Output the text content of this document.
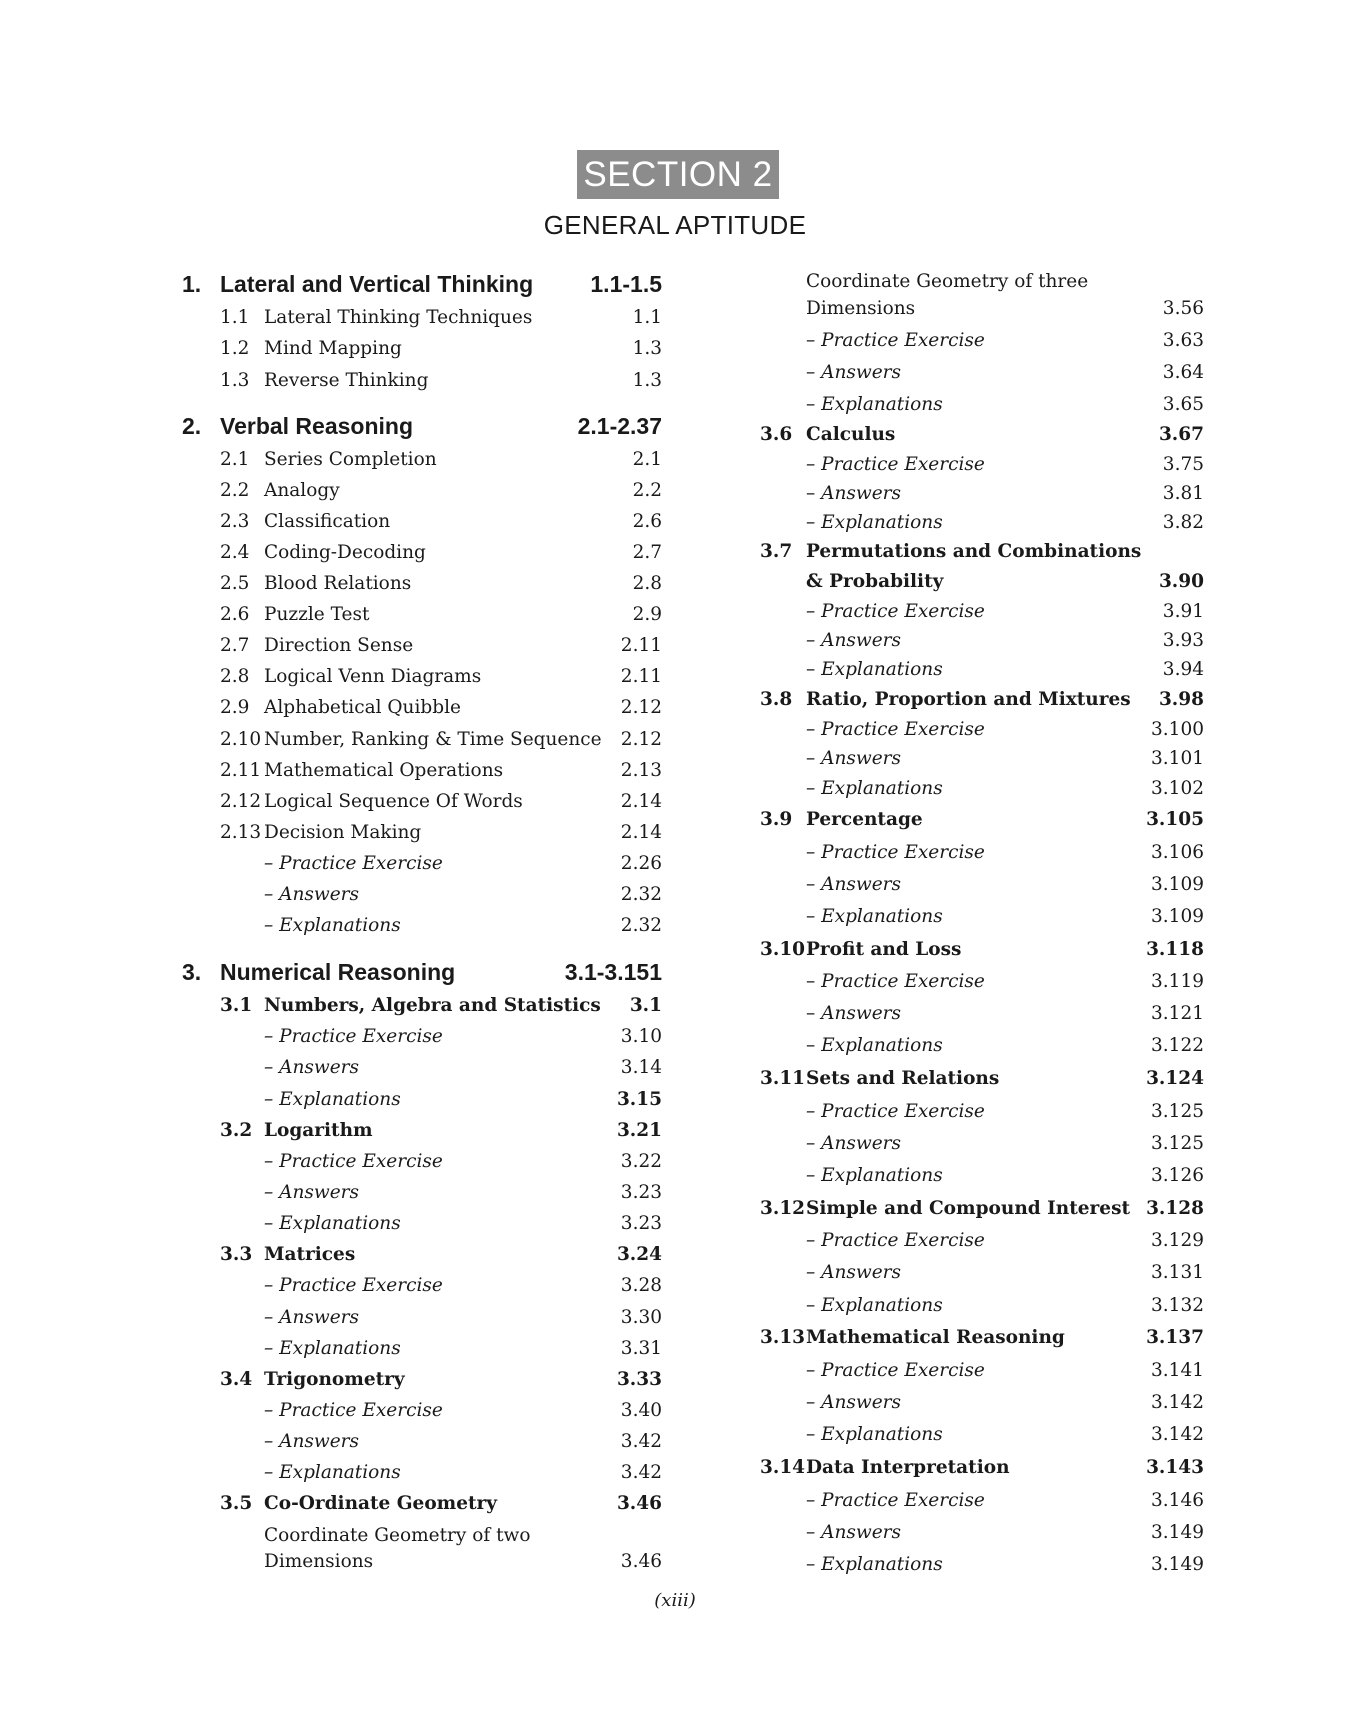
SECTION 2
GENERAL APTITUDE
1. Lateral and Vertical Thinking 1.1-1.5
1.1 Lateral Thinking Techniques	1.1
1.2 Mind Mapping	1.3
1.3 Reverse Thinking	1.3
2. Verbal Reasoning	2.1-2.37
2.1 Series Completion	2.1
2.2 Analogy	2.2
2.3 Classification	2.6
2.4 Coding-Decoding	2.7
2.5 Blood Relations	2.8
2.6 Puzzle Test	2.9
2.7 Direction Sense	2.11
2.8 Logical Venn Diagrams	2.11
2.9 Alphabetical Quibble	2.12
2.10 Number, Ranking & Time Sequence 2.12
2.11 Mathematical Operations	2.13
2.12 Logical Sequence Of Words	2.14
2.13 Decision Making	2.14
– Practice Exercise	2.26
– Answers	2.32
– Explanations	2.32
3. Numerical Reasoning	3.1-3.151
3.1 Numbers, Algebra and Statistics 3.1
– Practice Exercise	3.10
– Answers	3.14
– Explanations	3.15
3.2 Logarithm	3.21
– Practice Exercise	3.22
– Answers	3.23
– Explanations	3.23
3.3 Matrices	3.24
– Practice Exercise	3.28
– Answers	3.30
– Explanations	3.31
3.4 Trigonometry	3.33
– Practice Exercise	3.40
– Answers	3.42
– Explanations	3.42
3.5 Co-Ordinate Geometry	3.46
Coordinate Geometry of two
Dimensions	3.46
Coordinate Geometry of three
Dimensions	3.56
– Practice Exercise	3.63
– Answers	3.64
– Explanations	3.65
3.6 Calculus	3.67
– Practice Exercise	3.75
– Answers	3.81
– Explanations	3.82
3.7 Permutations and Combinations
& Probability	3.90
– Practice Exercise	3.91
– Answers	3.93
– Explanations	3.94
3.8 Ratio, Proportion and Mixtures 3.98
– Practice Exercise	3.100
– Answers	3.101
– Explanations	3.102
3.9 Percentage	3.105
– Practice Exercise	3.106
– Answers	3.109
– Explanations	3.109
3.10 Profit and Loss	3.118
– Practice Exercise	3.119
– Answers	3.121
– Explanations	3.122
3.11 Sets and Relations	3.124
– Practice Exercise	3.125
– Answers	3.125
– Explanations	3.126
3.12 Simple and Compound Interest 3.128
– Practice Exercise	3.129
– Answers	3.131
– Explanations	3.132
3.13 Mathematical Reasoning	3.137
– Practice Exercise	3.141
– Answers	3.142
– Explanations	3.142
3.14 Data Interpretation	3.143
– Practice Exercise	3.146
– Answers	3.149
– Explanations	3.149
(xiii)
